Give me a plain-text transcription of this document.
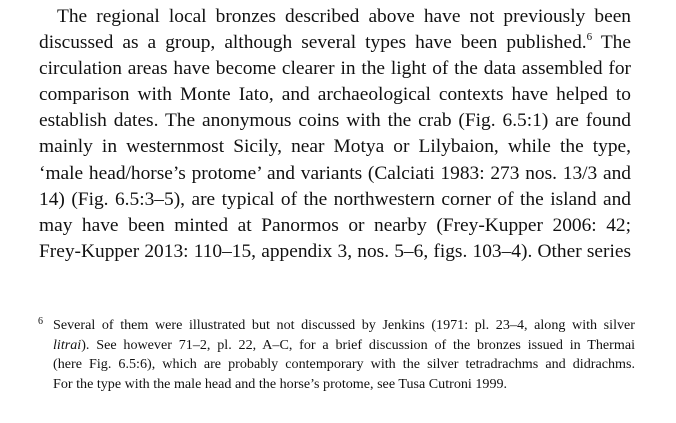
The regional local bronzes described above have not previously been
discussed as a group, although several types have been published.$^6$ The
circulation areas have become clearer in the light of the data assembled for
comparison with Monte Iato, and archaeological contexts have helped to
establish dates. The anonymous coins with the crab (Fig. 6.5:1) are found
mainly in westernmost Sicily, near Motya or Lilybaion, while the type,
‘male head/horse’s protome’ and variants (Calciati 1983: 273 nos. 13/3 and
14) (Fig. 6.5:3–5), are typical of the northwestern corner of the island and
may have been minted at Panormos or nearby (Frey-Kupper 2006: 42;
Frey-Kupper 2013: 110–15, appendix 3, nos. 5–6, figs. 103–4). Other series
6 Several of them were illustrated but not discussed by Jenkins (1971: pl. 23–4, along with silver
litrai). See however 71–2, pl. 22, A–C, for a brief discussion of the bronzes issued in Thermai
(here Fig. 6.5:6), which are probably contemporary with the silver tetradrachms and didrachms.
For the type with the male head and the horse’s protome, see Tusa Cutroni 1999.
